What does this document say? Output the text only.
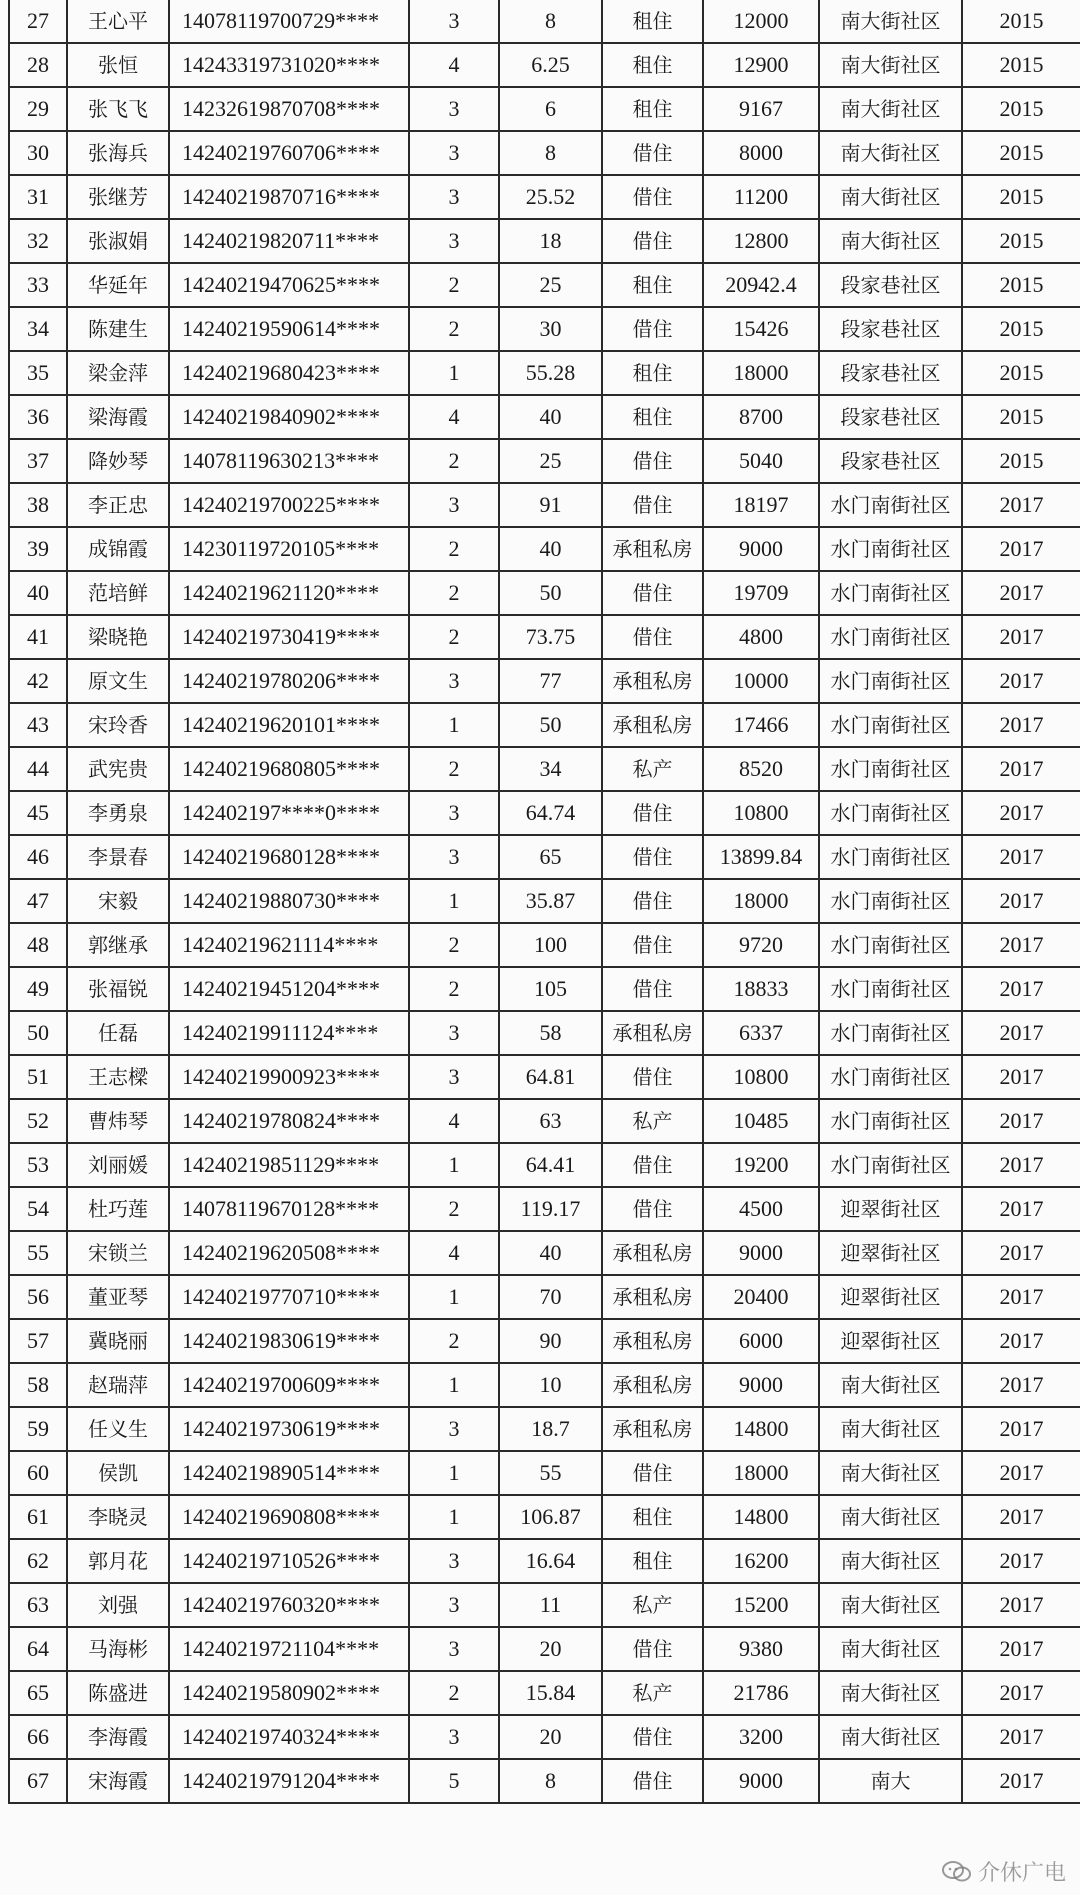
27	王心平	14078119700729****	3	8	租住	12000	南大街社区	2015
28	张恒	14243319731020****	4	6.25	租住	12900	南大街社区	2015
29	张飞飞	14232619870708****	3	6	租住	9167	南大街社区	2015
30	张海兵	14240219760706****	3	8	借住	8000	南大街社区	2015
31	张继芳	14240219870716****	3	25.52	借住	11200	南大街社区	2015
32	张淑娟	14240219820711****	3	18	借住	12800	南大街社区	2015
33	华延年	14240219470625****	2	25	租住	20942.4	段家巷社区	2015
34	陈建生	14240219590614****	2	30	借住	15426	段家巷社区	2015
35	梁金萍	14240219680423****	1	55.28	租住	18000	段家巷社区	2015
36	梁海霞	14240219840902****	4	40	租住	8700	段家巷社区	2015
37	降妙琴	14078119630213****	2	25	借住	5040	段家巷社区	2015
38	李正忠	14240219700225****	3	91	借住	18197	水门南街社区	2017
39	成锦霞	14230119720105****	2	40	承租私房	9000	水门南街社区	2017
40	范培鲜	14240219621120****	2	50	借住	19709	水门南街社区	2017
41	梁晓艳	14240219730419****	2	73.75	借住	4800	水门南街社区	2017
42	原文生	14240219780206****	3	77	承租私房	10000	水门南街社区	2017
43	宋玲香	14240219620101****	1	50	承租私房	17466	水门南街社区	2017
44	武宪贵	14240219680805****	2	34	私产	8520	水门南街社区	2017
45	李勇泉	142402197****0****	3	64.74	借住	10800	水门南街社区	2017
46	李景春	14240219680128****	3	65	借住	13899.84	水门南街社区	2017
47	宋毅	14240219880730****	1	35.87	借住	18000	水门南街社区	2017
48	郭继承	14240219621114****	2	100	借住	9720	水门南街社区	2017
49	张福锐	14240219451204****	2	105	借住	18833	水门南街社区	2017
50	任磊	14240219911124****	3	58	承租私房	6337	水门南街社区	2017
51	王志樑	14240219900923****	3	64.81	借住	10800	水门南街社区	2017
52	曹炜琴	14240219780824****	4	63	私产	10485	水门南街社区	2017
53	刘丽媛	14240219851129****	1	64.41	借住	19200	水门南街社区	2017
54	杜巧莲	14078119670128****	2	119.17	借住	4500	迎翠街社区	2017
55	宋锁兰	14240219620508****	4	40	承租私房	9000	迎翠街社区	2017
56	董亚琴	14240219770710****	1	70	承租私房	20400	迎翠街社区	2017
57	冀晓丽	14240219830619****	2	90	承租私房	6000	迎翠街社区	2017
58	赵瑞萍	14240219700609****	1	10	承租私房	9000	南大街社区	2017
59	任义生	14240219730619****	3	18.7	承租私房	14800	南大街社区	2017
60	侯凯	14240219890514****	1	55	借住	18000	南大街社区	2017
61	李晓灵	14240219690808****	1	106.87	租住	14800	南大街社区	2017
62	郭月花	14240219710526****	3	16.64	租住	16200	南大街社区	2017
63	刘强	14240219760320****	3	11	私产	15200	南大街社区	2017
64	马海彬	14240219721104****	3	20	借住	9380	南大街社区	2017
65	陈盛进	14240219580902****	2	15.84	私产	21786	南大街社区	2017
66	李海霞	14240219740324****	3	20	借住	3200	南大街社区	2017
67	宋海霞	14240219791204****	5	8	借住	9000	南大	2017
介休广电
